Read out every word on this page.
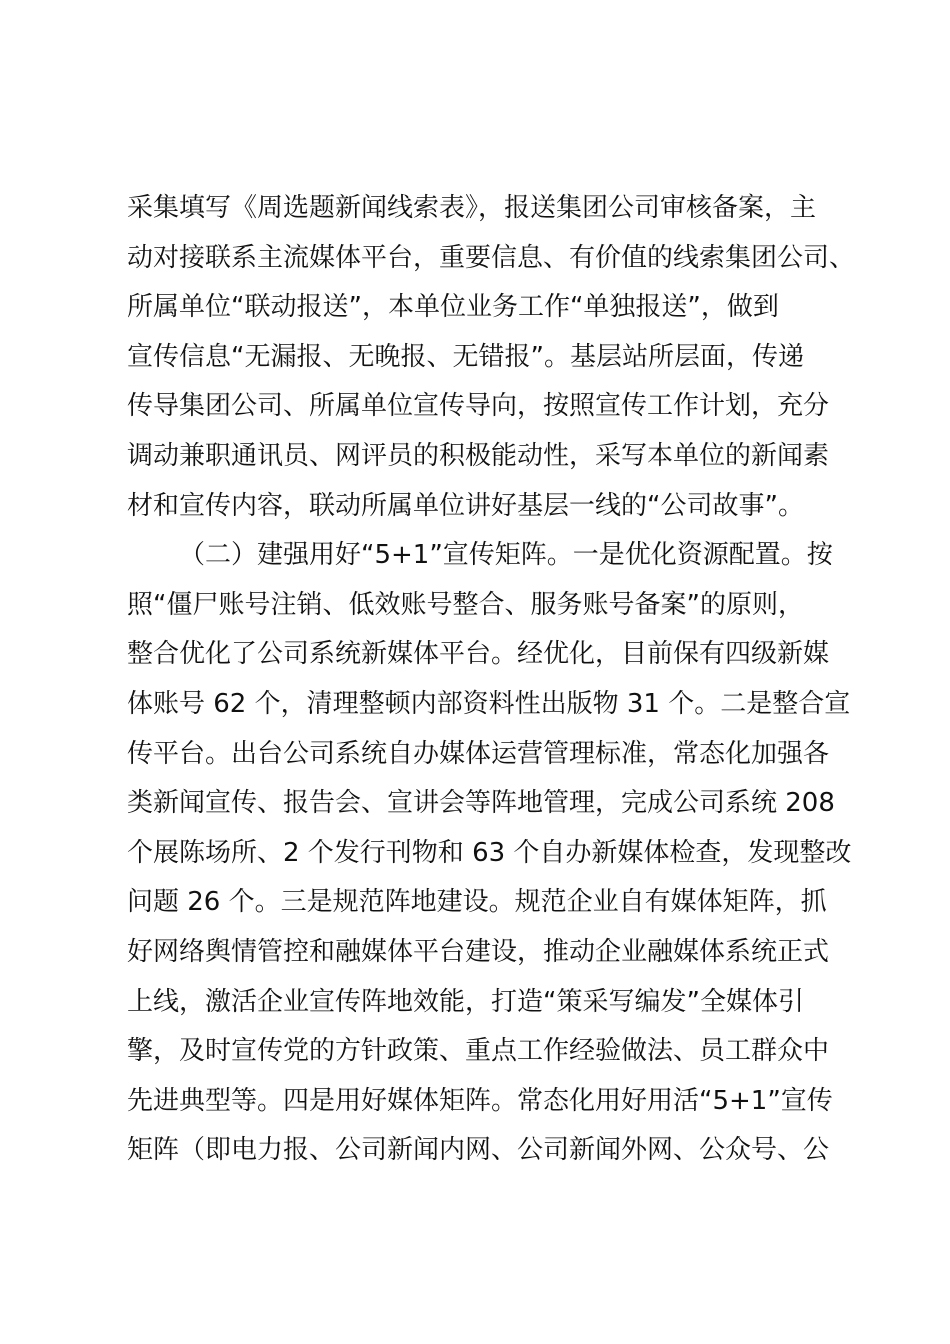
采集填写《周选题新闻线索表》，报送集团公司审核备案，主
动对接联系主流媒体平台，重要信息、有价值的线索集团公司、
所属单位“联动报送”，本单位业务工作“单独报送”，做到
宣传信息“无漏报、无晚报、无错报”。基层站所层面，传递
传导集团公司、所属单位宣传导向，按照宣传工作计划，充分
调动兼职通讯员、网评员的积极能动性，采写本单位的新闻素
材和宣传内容，联动所属单位讲好基层一线的“公司故事”。
（二）建强用好“5+1”宣传矩阵。一是优化资源配置。按
照“僵尸账号注销、低效账号整合、服务账号备案”的原则，
整合优化了公司系统新媒体平台。经优化，目前保有四级新媒
体账号 62 个，清理整顿内部资料性出版物 31 个。二是整合宣
传平台。出台公司系统自办媒体运营管理标准，常态化加强各
类新闻宣传、报告会、宣讲会等阵地管理，完成公司系统 208
个展陈场所、2 个发行刊物和 63 个自办新媒体检查，发现整改
问题 26 个。三是规范阵地建设。规范企业自有媒体矩阵，抓
好网络舆情管控和融媒体平台建设，推动企业融媒体系统正式
上线，激活企业宣传阵地效能，打造“策采写编发”全媒体引
擎，及时宣传党的方针政策、重点工作经验做法、员工群众中
先进典型等。四是用好媒体矩阵。常态化用好用活“5+1”宣传
矩阵（即电力报、公司新闻内网、公司新闻外网、公众号、公
